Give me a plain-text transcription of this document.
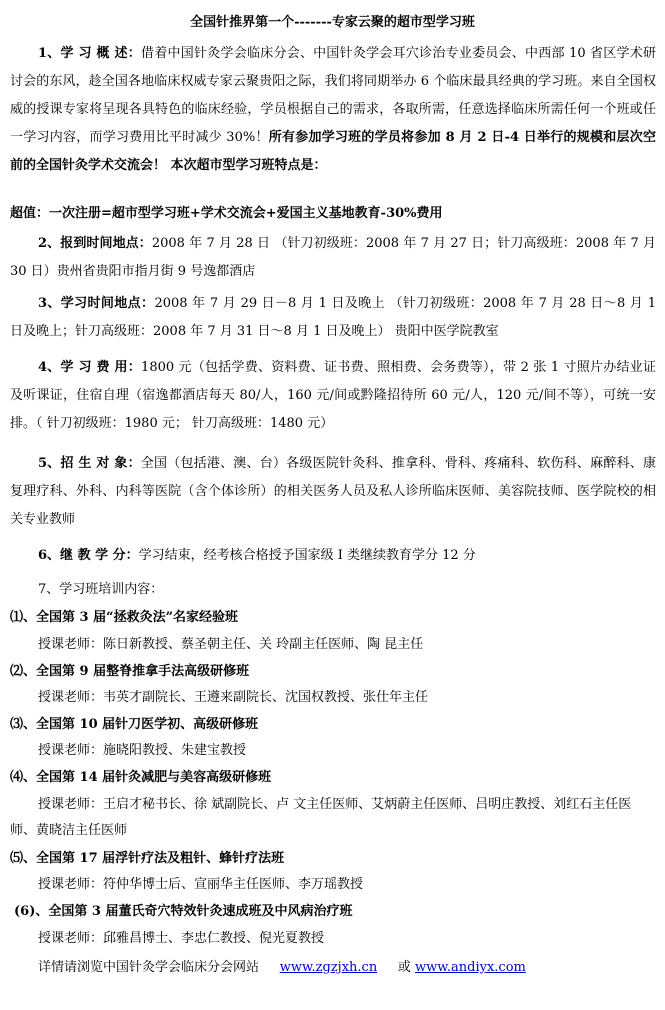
全国针推界第一个-------专家云聚的超市型学习班
1、学 习 概 述：借着中国针灸学会临床分会、中国针灸学会耳穴诊治专业委员会、中西部 10 省区学术研讨会的东风，趁全国各地临床权威专家云聚贵阳之际，我们将同期举办 6 个临床最具经典的学习班。来自全国权威的授课专家将呈现各具特色的临床经验，学员根据自己的需求，各取所需，任意选择临床所需任何一个班或任一学习内容，而学习费用比平时减少 30%！所有参加学习班的学员将参加 8 月 2 日-4 日举行的规模和层次空前的全国针灸学术交流会！ 本次超市型学习班特点是：
超值：一次注册=超市型学习班+学术交流会+爱国主义基地教育-30%费用
2、报到时间地点：2008 年 7 月 28 日 （针刀初级班：2008 年 7 月 27 日；针刀高级班：2008 年 7 月 30 日）贵州省贵阳市指月街 9 号逸都酒店
3、学习时间地点：2008 年 7 月 29 日－8 月 1 日及晚上 （针刀初级班：2008 年 7 月 28 日～8 月 1 日及晚上；针刀高级班：2008 年 7 月 31 日～8 月 1 日及晚上） 贵阳中医学院教室
4、学 习 费 用：1800 元（包括学费、资料费、证书费、照相费、会务费等），带 2 张 1 寸照片办结业证及听课证，住宿自理（宿逸都酒店每天 80/人，160 元/间或黔隆招待所 60 元/人，120 元/间不等），可统一安排。（ 针刀初级班：1980 元； 针刀高级班：1480 元）
5、招 生 对 象：全国（包括港、澳、台）各级医院针灸科、推拿科、骨科、疼痛科、软伤科、麻醉科、康复理疗科、外科、内科等医院（含个体诊所）的相关医务人员及私人诊所临床医师、美容院技师、医学院校的相关专业教师
6、继 教 学 分：学习结束，经考核合格授予国家级 I 类继续教育学分 12 分
7、学习班培训内容：
⑴、全国第 3 届“拯救灸法”名家经验班
授课老师：陈日新教授、蔡圣朝主任、关 玲副主任医师、陶 昆主任
⑵、全国第 9 届整脊推拿手法高级研修班
授课老师：韦英才副院长、王遵来副院长、沈国权教授、张仕年主任
⑶、全国第 10 届针刀医学初、高级研修班
授课老师：施晓阳教授、朱建宝教授
⑷、全国第 14 届针灸减肥与美容高级研修班
授课老师：王启才秘书长、徐 斌副院长、卢 文主任医师、艾炳蔚主任医师、吕明庄教授、刘红石主任医师、黄晓洁主任医师
⑸、全国第 17 届浮针疗法及粗针、蜂针疗法班
授课老师：符仲华博士后、宣丽华主任医师、李万瑶教授
(6)、全国第 3 届董氏奇穴特效针灸速成班及中风病治疗班
授课老师：邱雅昌博士、李忠仁教授、倪光夏教授
详情请浏览中国针灸学会临床分会网站 www.zgzjxh.cn 或 www.andiyx.com
